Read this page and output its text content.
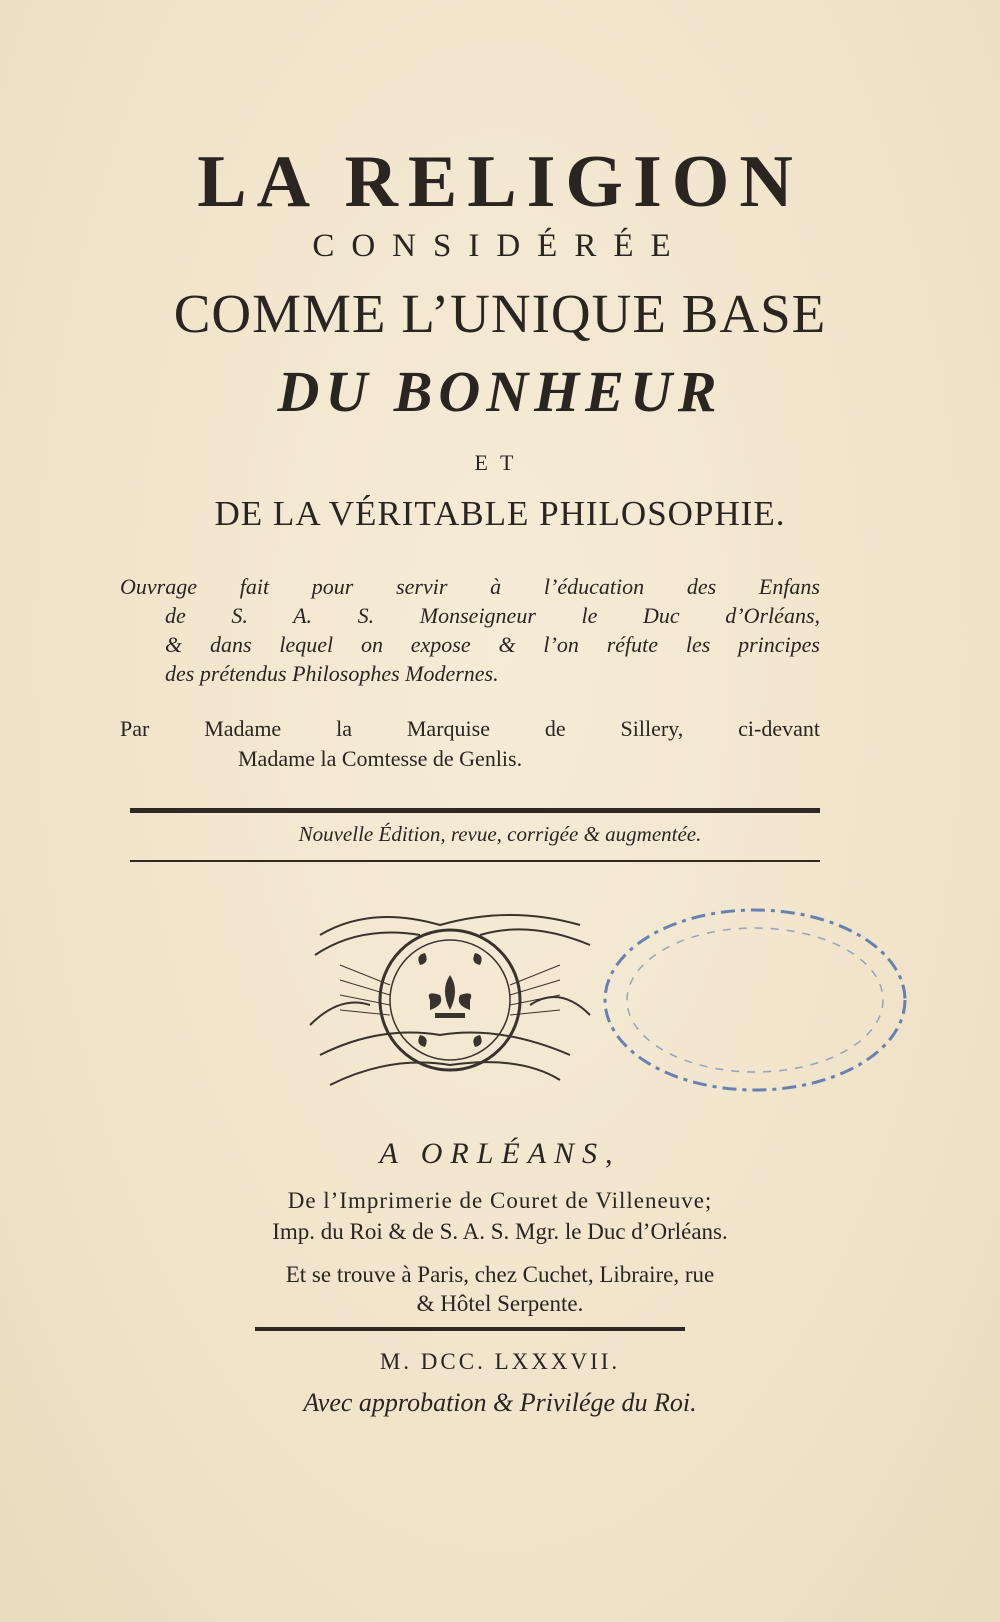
LA RELIGION
CONSIDÉRÉE
COMME L’UNIQUE BASE
DU BONHEUR
ET
DE LA VÉRITABLE PHILOSOPHIE.
Ouvrage fait pour servir à l’éducation des Enfans
de S. A. S. Monseigneur le Duc d’Orléans,
& dans lequel on expose & l’on réfute les principes
des prétendus Philosophes Modernes.
Par Madame la Marquise de Sillery, ci-devant
Madame la Comtesse de Genlis.
Nouvelle Édition, revue, corrigée & augmentée.
A ORLÉANS,
De l’Imprimerie de Couret de Villeneuve;
Imp. du Roi & de S. A. S. Mgr. le Duc d’Orléans.
Et se trouve à Paris, chez Cuchet, Libraire, rue
& Hôtel Serpente.
M. DCC. LXXXVII.
Avec approbation & Privilége du Roi.
